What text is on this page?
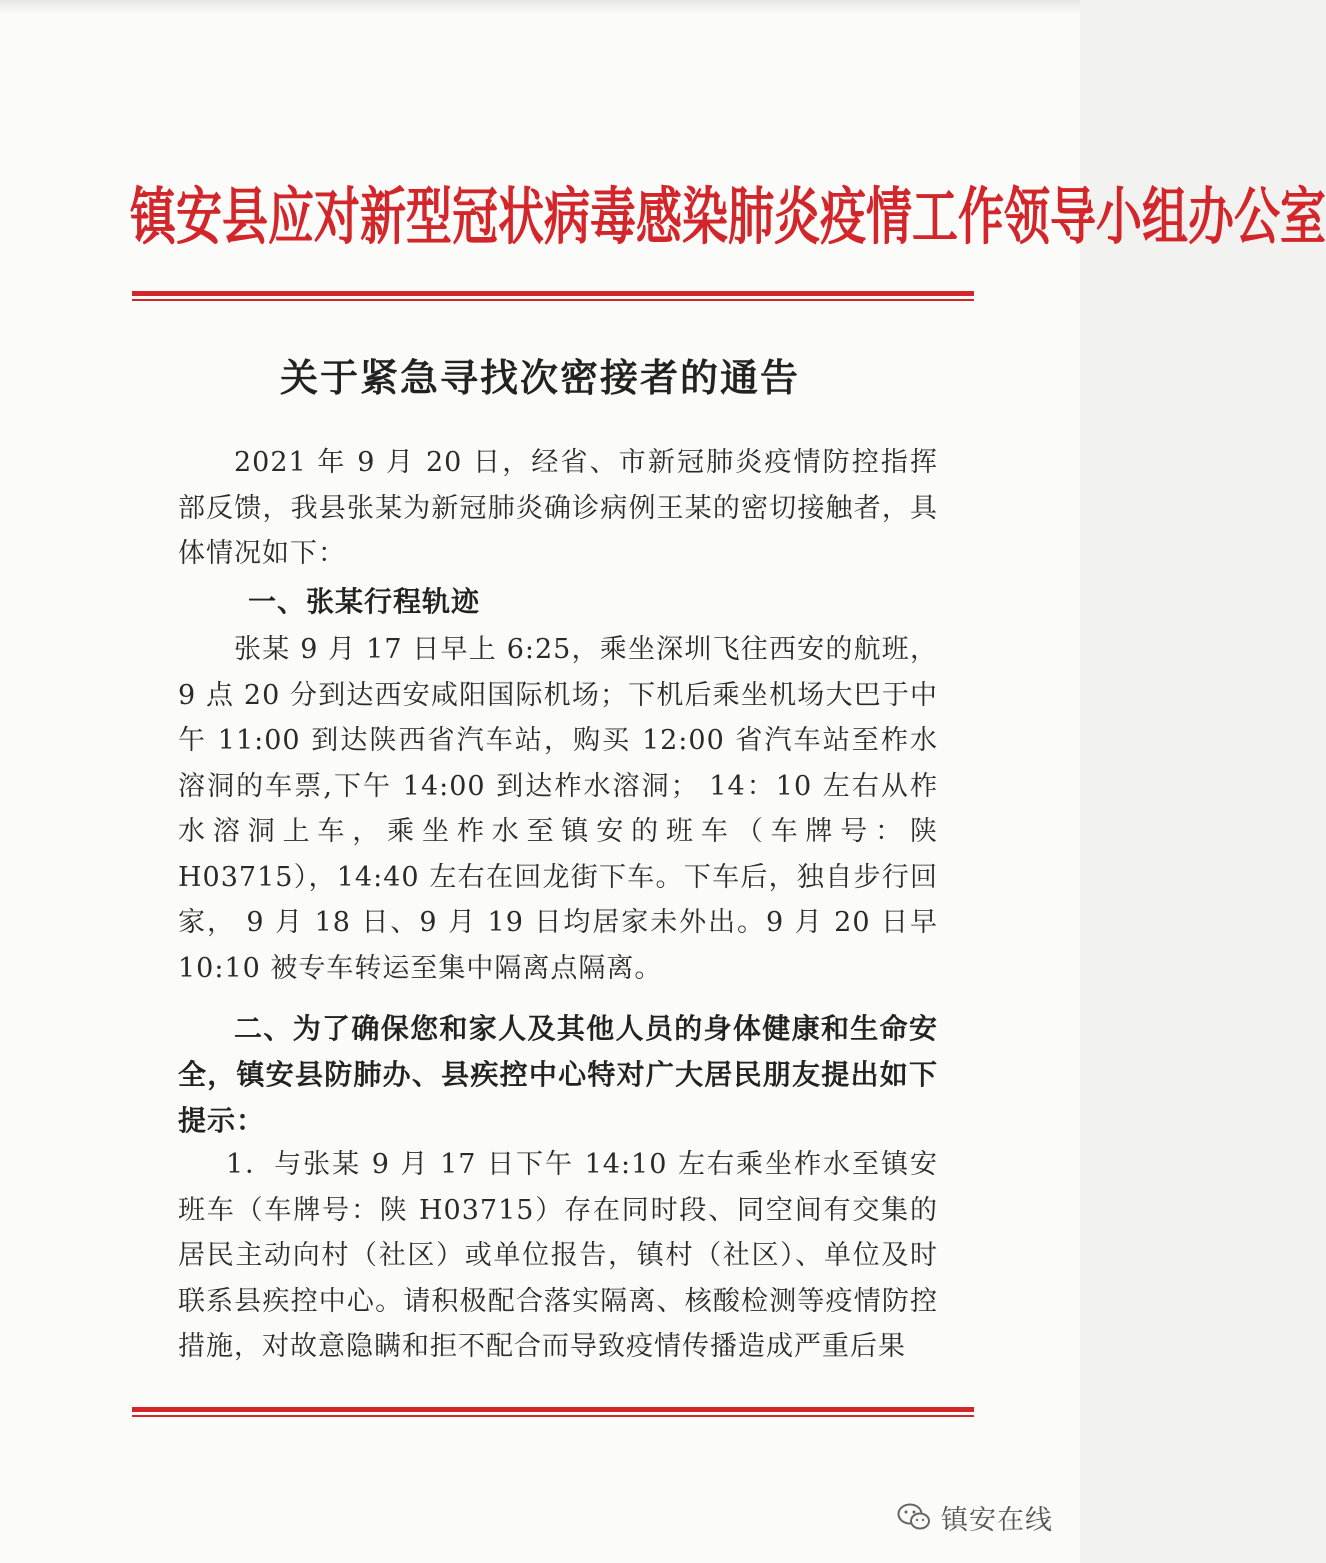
镇安县应对新型冠状病毒感染肺炎疫情工作领导小组办公室
关于紧急寻找次密接者的通告

2021 年 9 月 20 日，经省、市新冠肺炎疫情防控指挥部反馈，我县张某为新冠肺炎确诊病例王某的密切接触者，具体情况如下：

一、张某行程轨迹

张某 9 月 17 日早上 6:25，乘坐深圳飞往西安的航班，9 点 20 分到达西安咸阳国际机场；下机后乘坐机场大巴于中午 11:00 到达陕西省汽车站，购买 12:00 省汽车站至柞水溶洞的车票,下午 14:00 到达柞水溶洞； 14：10 左右从柞水溶洞上车，乘坐柞水至镇安的班车（车牌号：陕 H03715），14:40 左右在回龙街下车。下车后，独自步行回家， 9 月 18 日、9 月 19 日均居家未外出。9 月 20 日早 10:10 被专车转运至集中隔离点隔离。

二、为了确保您和家人及其他人员的身体健康和生命安全，镇安县防肺办、县疾控中心特对广大居民朋友提出如下提示：

1．与张某 9 月 17 日下午 14:10 左右乘坐柞水至镇安班车（车牌号：陕 H03715）存在同时段、同空间有交集的居民主动向村（社区）或单位报告，镇村（社区）、单位及时联系县疾控中心。请积极配合落实隔离、核酸检测等疫情防控措施，对故意隐瞒和拒不配合而导致疫情传播造成严重后果

镇安在线
